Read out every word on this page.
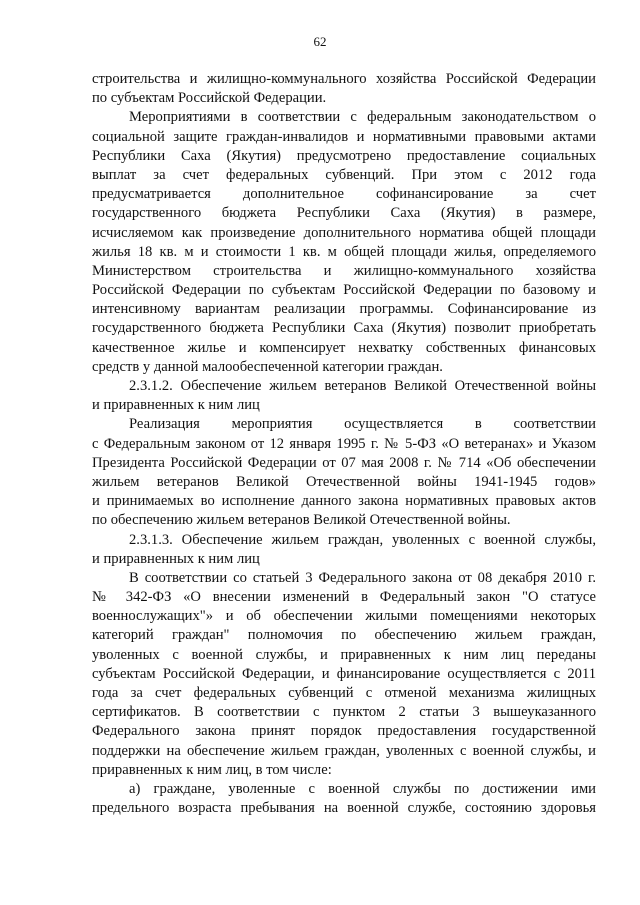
62
строительства и жилищно-коммунального хозяйства Российской Федерации
по субъектам Российской Федерации.
Мероприятиями в соответствии с федеральным законодательством о
социальной защите граждан-инвалидов и нормативными правовыми актами
Республики Саха (Якутия) предусмотрено предоставление социальных
выплат за счет федеральных субвенций. При этом с 2012 года
предусматривается дополнительное софинансирование за счет
государственного бюджета Республики Саха (Якутия) в размере,
исчисляемом как произведение дополнительного норматива общей площади
жилья 18 кв. м и стоимости 1 кв. м общей площади жилья, определяемого
Министерством строительства и жилищно-коммунального хозяйства
Российской Федерации по субъектам Российской Федерации по базовому и
интенсивному вариантам реализации программы. Софинансирование из
государственного бюджета Республики Саха (Якутия) позволит приобретать
качественное жилье и компенсирует нехватку собственных финансовых
средств у данной малообеспеченной категории граждан.
2.3.1.2. Обеспечение жильем ветеранов Великой Отечественной войны
и приравненных к ним лиц
Реализация мероприятия осуществляется в соответствии
с Федеральным законом от 12 января 1995 г. № 5-ФЗ «О ветеранах» и Указом
Президента Российской Федерации от 07 мая 2008 г. № 714 «Об обеспечении
жильем ветеранов Великой Отечественной войны 1941-1945 годов»
и принимаемых во исполнение данного закона нормативных правовых актов
по обеспечению жильем ветеранов Великой Отечественной войны.
2.3.1.3. Обеспечение жильем граждан, уволенных с военной службы,
и приравненных к ним лиц
В соответствии со статьей 3 Федерального закона от 08 декабря 2010 г.
№ 342-ФЗ «О внесении изменений в Федеральный закон "О статусе
военнослужащих"» и об обеспечении жилыми помещениями некоторых
категорий граждан" полномочия по обеспечению жильем граждан,
уволенных с военной службы, и приравненных к ним лиц переданы
субъектам Российской Федерации, и финансирование осуществляется с 2011
года за счет федеральных субвенций с отменой механизма жилищных
сертификатов. В соответствии с пунктом 2 статьи 3 вышеуказанного
Федерального закона принят порядок предоставления государственной
поддержки на обеспечение жильем граждан, уволенных с военной службы, и
приравненных к ним лиц, в том числе:
а) граждане, уволенные с военной службы по достижении ими
предельного возраста пребывания на военной службе, состоянию здоровья
